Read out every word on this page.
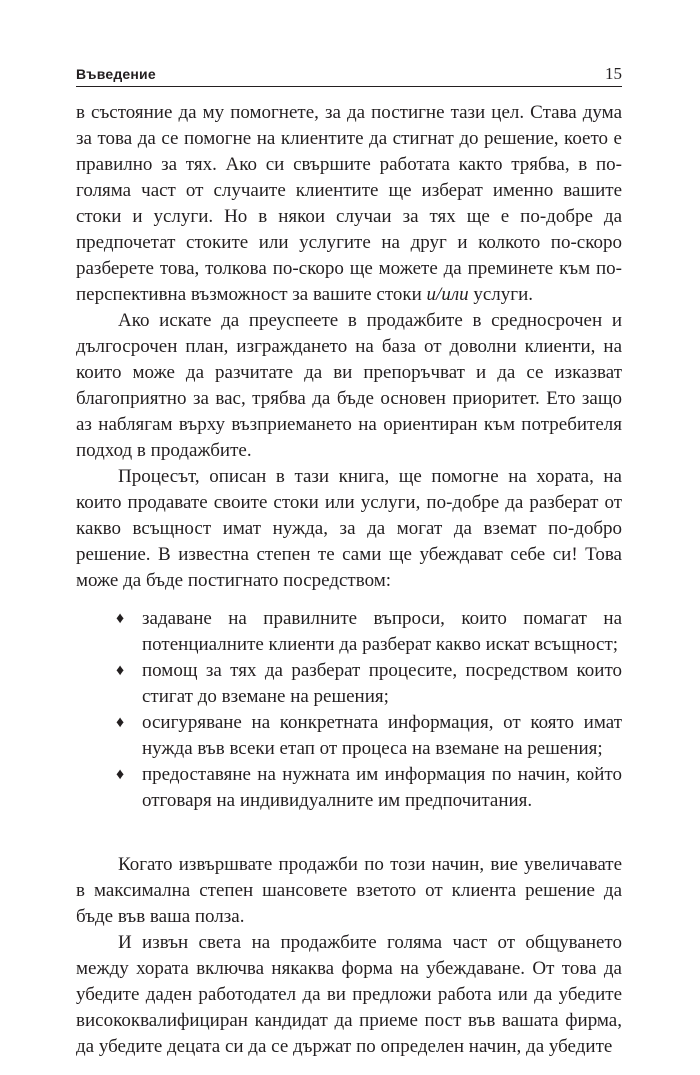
Въведение	15

в състояние да му помогнете, за да постигне тази цел. Става дума за това да се помогне на клиентите да стигнат до решение, което е правилно за тях. Ако си свършите работата както трябва, в по-голяма част от случаите клиентите ще изберат именно вашите стоки и услуги. Но в някои случаи за тях ще е по-добре да предпочетат стоките или услугите на друг и колкото по-скоро разберете това, толкова по-скоро ще можете да преминете към по-перспективна възможност за вашите стоки и/или услуги.

Ако искате да преуспеете в продажбите в средносрочен и дългосрочен план, изграждането на база от доволни клиенти, на които може да разчитате да ви препоръчват и да се изказват благоприятно за вас, трябва да бъде основен приоритет. Ето защо аз наблягам върху възприемането на ориентиран към потребителя подход в продажбите.

Процесът, описан в тази книга, ще помогне на хората, на които продавате своите стоки или услуги, по-добре да разберат от какво всъщност имат нужда, за да могат да вземат по-добро решение. В известна степен те сами ще убеждават себе си! Това може да бъде постигнато посредством:

♦ задаване на правилните въпроси, които помагат на потенциалните клиенти да разберат какво искат всъщност;
♦ помощ за тях да разберат процесите, посредством които стигат до вземане на решения;
♦ осигуряване на конкретната информация, от която имат нужда във всеки етап от процеса на вземане на решения;
♦ предоставяне на нужната им информация по начин, който отговаря на индивидуалните им предпочитания.

Когато извършвате продажби по този начин, вие увеличавате в максимална степен шансовете взетото от клиента решение да бъде във ваша полза.

И извън света на продажбите голяма част от общуването между хората включва някаква форма на убеждаване. От това да убедите даден работодател да ви предложи работа или да убедите висококвалифициран кандидат да приеме пост във вашата фирма, да убедите децата си да се държат по определен начин, да убедите
